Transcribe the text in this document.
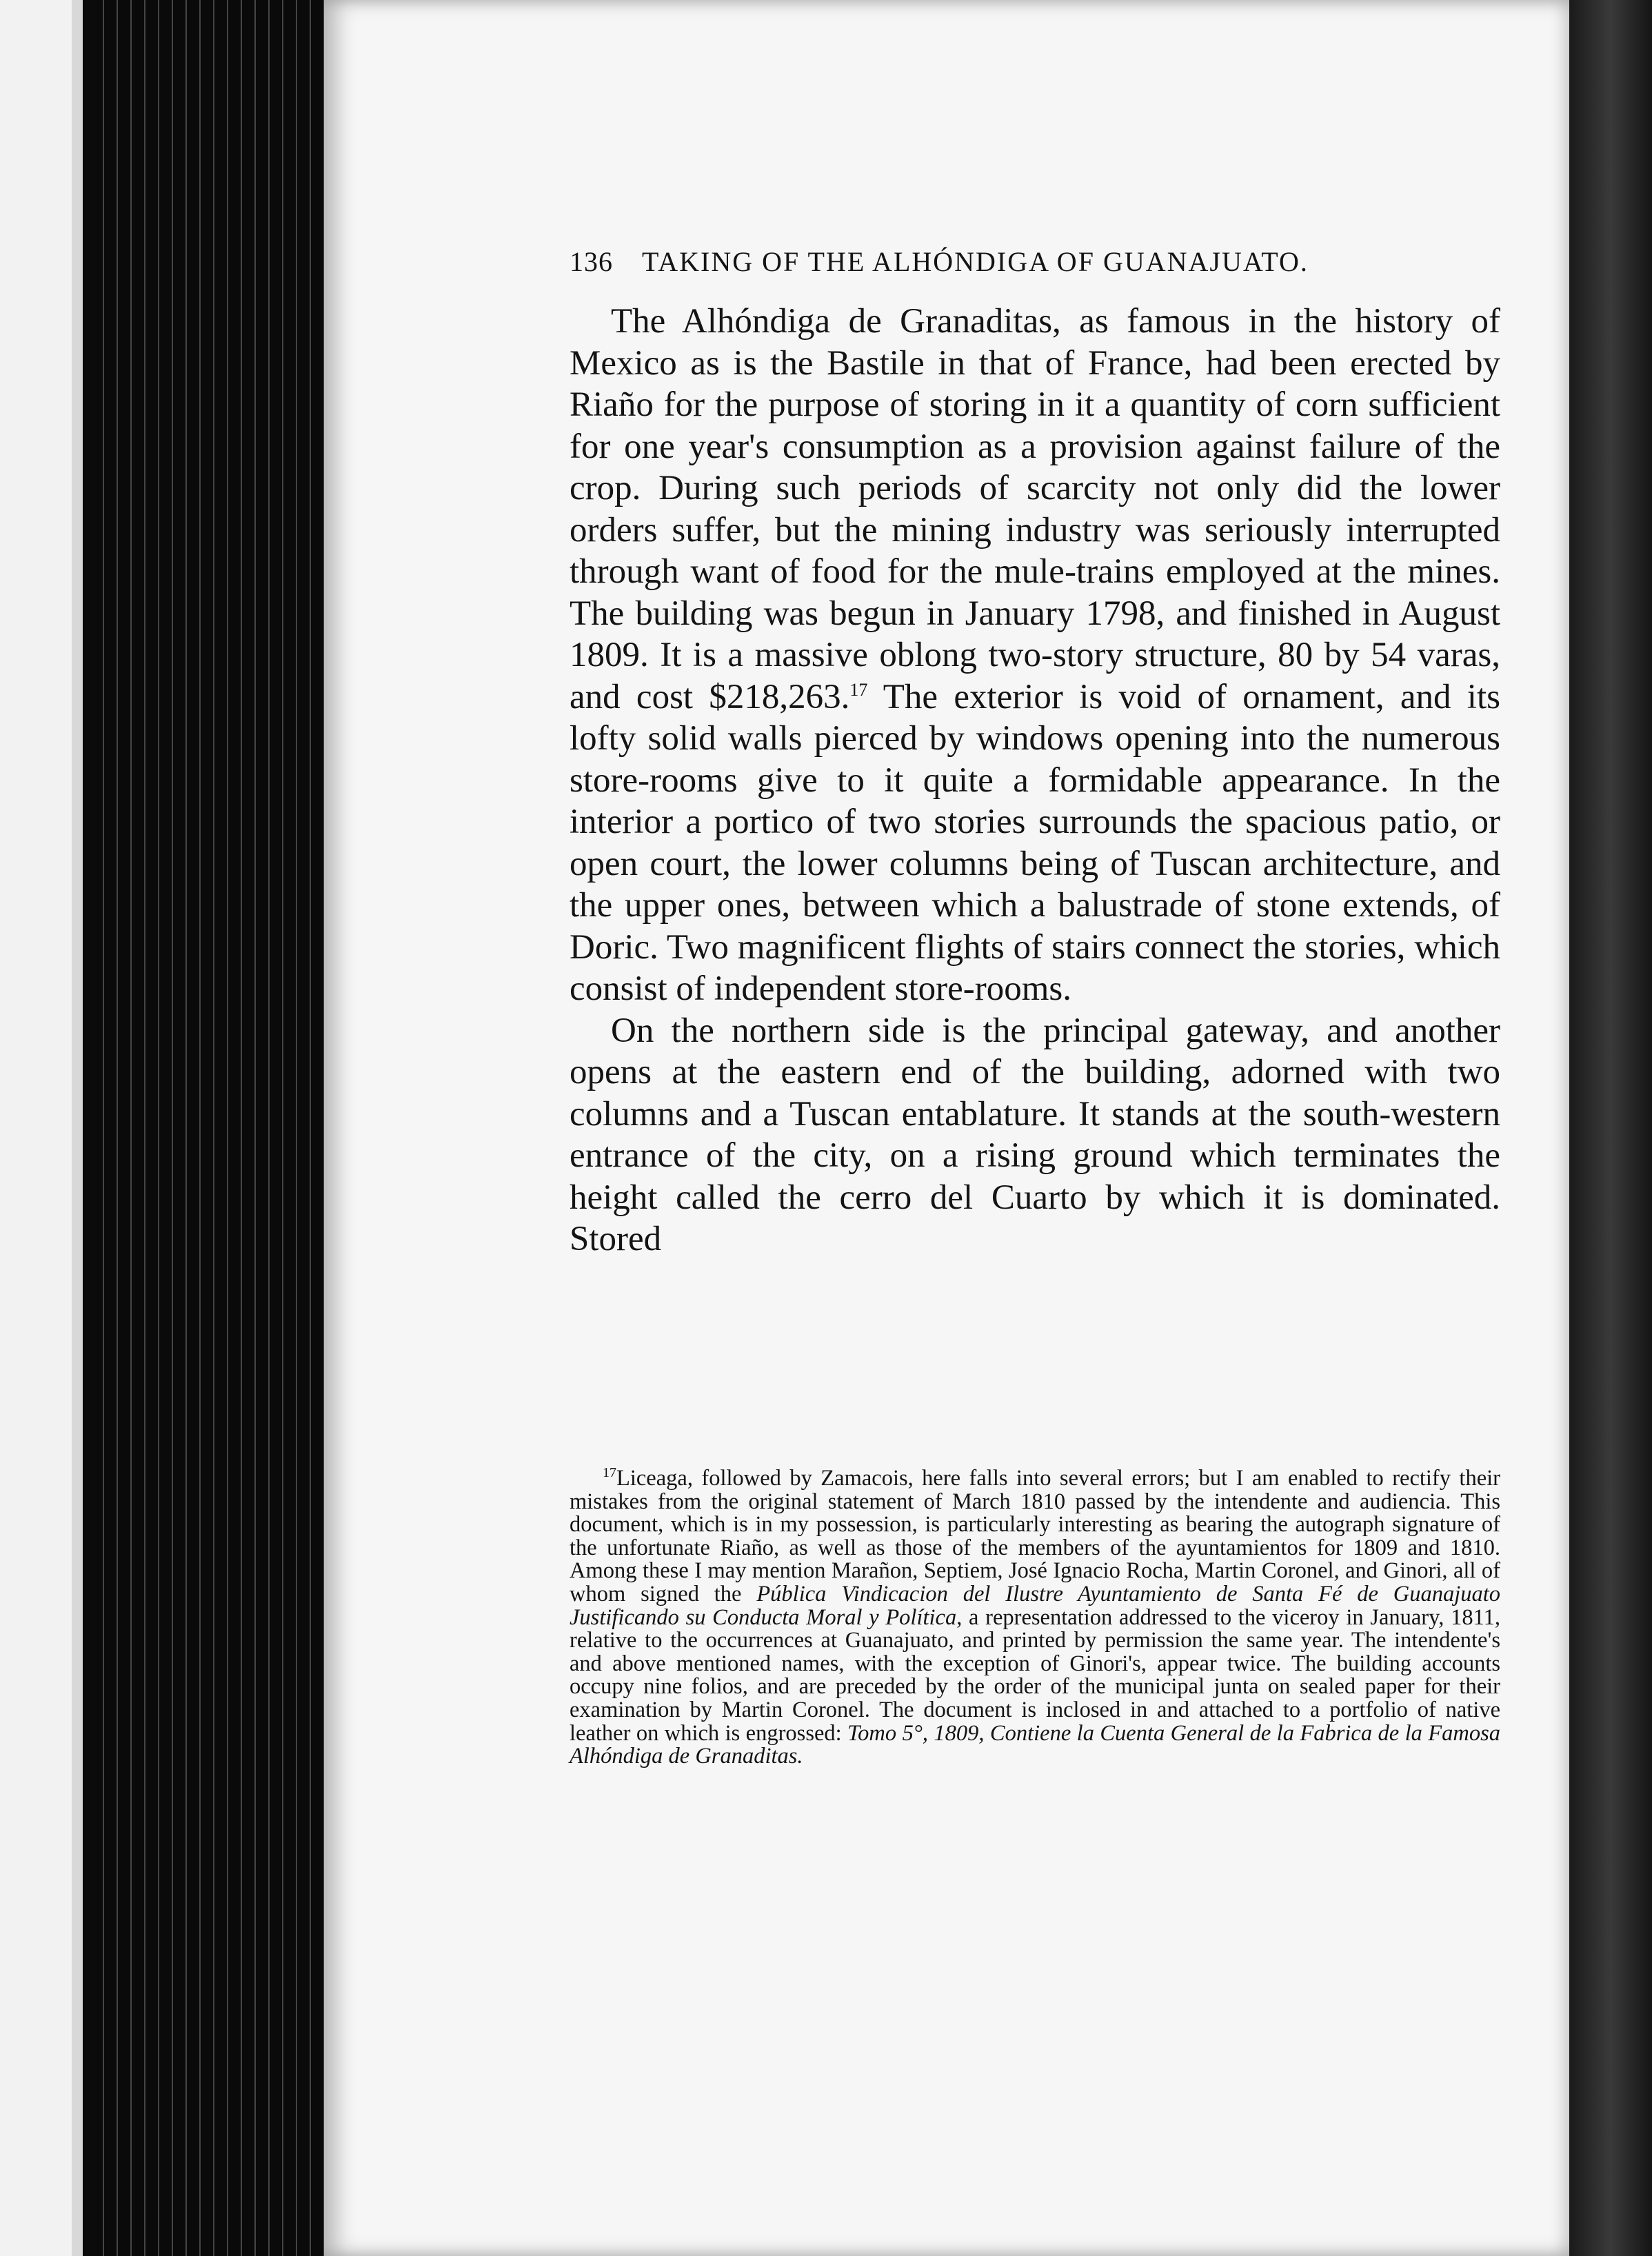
136 TAKING OF THE ALHÓNDIGA OF GUANAJUATO.

The Alhóndiga de Granaditas, as famous in the history of Mexico as is the Bastile in that of France, had been erected by Riaño for the purpose of storing in it a quantity of corn sufficient for one year's consumption as a provision against failure of the crop. During such periods of scarcity not only did the lower orders suffer, but the mining industry was seriously interrupted through want of food for the mule-trains employed at the mines. The building was begun in January 1798, and finished in August 1809. It is a massive oblong two-story structure, 80 by 54 varas, and cost $218,263.17 The exterior is void of ornament, and its lofty solid walls pierced by windows opening into the numerous store-rooms give to it quite a formidable appearance. In the interior a portico of two stories surrounds the spacious patio, or open court, the lower columns being of Tuscan architecture, and the upper ones, between which a balustrade of stone extends, of Doric. Two magnificent flights of stairs connect the stories, which consist of independent store-rooms.

On the northern side is the principal gateway, and another opens at the eastern end of the building, adorned with two columns and a Tuscan entablature. It stands at the south-western entrance of the city, on a rising ground which terminates the height called the cerro del Cuarto by which it is dominated. Stored

$^{17}$Liceaga, followed by Zamacois, here falls into several errors; but I am enabled to rectify their mistakes from the original statement of March 1810 passed by the intendente and audiencia. This document, which is in my possession, is particularly interesting as bearing the autograph signature of the unfortunate Riaño, as well as those of the members of the ayuntamientos for 1809 and 1810. Among these I may mention Marañon, Septiem, José Ignacio Rocha, Martin Coronel, and Ginori, all of whom signed the Pública Vindicacion del Ilustre Ayuntamiento de Santa Fé de Guanajuato Justificando su Conducta Moral y Política, a representation addressed to the viceroy in January, 1811, relative to the occurrences at Guanajuato, and printed by permission the same year. The intendente's and above mentioned names, with the exception of Ginori's, appear twice. The building accounts occupy nine folios, and are preceded by the order of the municipal junta on sealed paper for their examination by Martin Coronel. The document is inclosed in and attached to a portfolio of native leather on which is engrossed: Tomo 5°, 1809, Contiene la Cuenta General de la Fabrica de la Famosa Alhóndiga de Granaditas.
